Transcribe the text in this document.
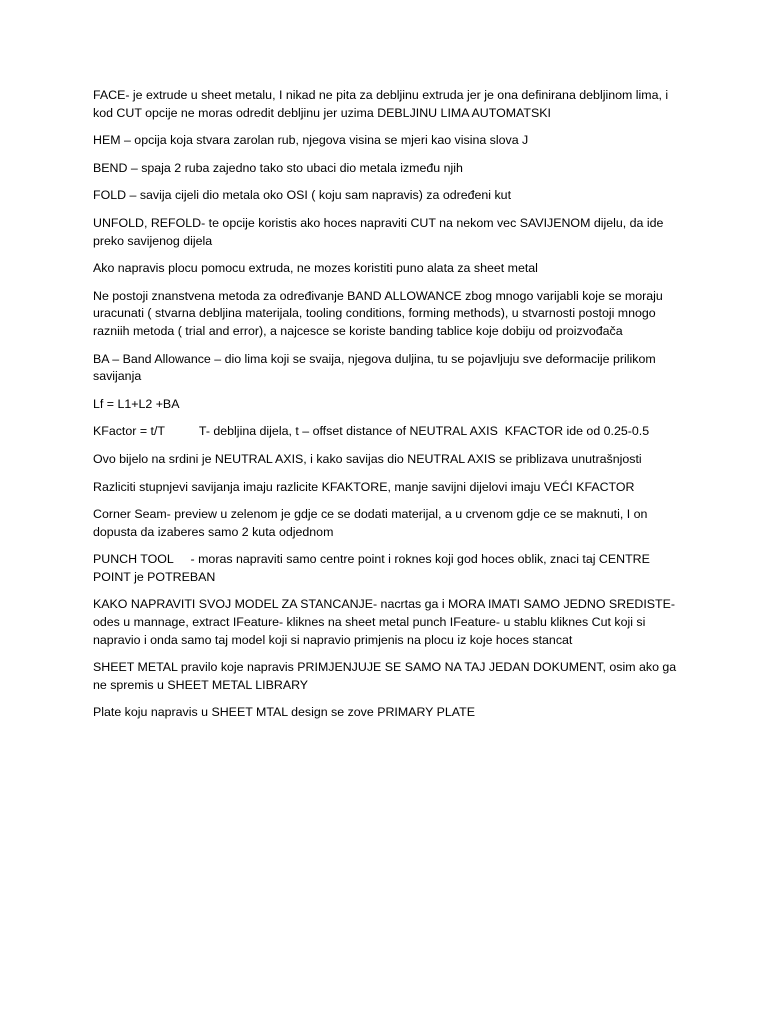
FACE- je extrude u sheet metalu, I nikad ne pita za debljinu extruda jer je ona definirana debljinom lima, i kod CUT opcije ne moras odredit debljinu jer uzima DEBLJINU LIMA AUTOMATSKI

HEM – opcija koja stvara zarolan rub, njegova visina se mjeri kao visina slova J

BEND – spaja 2 ruba zajedno tako sto ubaci dio metala između njih

FOLD – savija cijeli dio metala oko OSI ( koju sam napravis) za određeni kut

UNFOLD, REFOLD- te opcije koristis ako hoces napraviti CUT na nekom vec SAVIJENOM dijelu, da ide preko savijenog dijela

Ako napravis plocu pomocu extruda, ne mozes koristiti puno alata za sheet metal

Ne postoji znanstvena metoda za određivanje BAND ALLOWANCE zbog mnogo varijabli koje se moraju uracunati ( stvarna debljina materijala, tooling conditions, forming methods), u stvarnosti postoji mnogo razniih metoda ( trial and error), a najcesce se koriste banding tablice koje dobiju od proizvođača

BA – Band Allowance – dio lima koji se svaija, njegova duljina, tu se pojavljuju sve deformacije prilikom savijanja

Lf = L1+L2 +BA

KFactor = t/T          T- debljina dijela, t – offset distance of NEUTRAL AXIS  KFACTOR ide od 0.25-0.5

Ovo bijelo na srdini je NEUTRAL AXIS, i kako savijas dio NEUTRAL AXIS se priblizava unutrašnjosti

Razliciti stupnjevi savijanja imaju razlicite KFAKTORE, manje savijni dijelovi imaju VEĆI KFACTOR

Corner Seam- preview u zelenom je gdje ce se dodati materijal, a u crvenom gdje ce se maknuti, I on dopusta da izaberes samo 2 kuta odjednom

PUNCH TOOL     - moras napraviti samo centre point i roknes koji god hoces oblik, znaci taj CENTRE POINT je POTREBAN

KAKO NAPRAVITI SVOJ MODEL ZA STANCANJE- nacrtas ga i MORA IMATI SAMO JEDNO SREDISTE- odes u mannage, extract IFeature- kliknes na sheet metal punch IFeature- u stablu kliknes Cut koji si napravio i onda samo taj model koji si napravio primjenis na plocu iz koje hoces stancat

SHEET METAL pravilo koje napravis PRIMJENJUJE SE SAMO NA TAJ JEDAN DOKUMENT, osim ako ga ne spremis u SHEET METAL LIBRARY

Plate koju napravis u SHEET MTAL design se zove PRIMARY PLATE
